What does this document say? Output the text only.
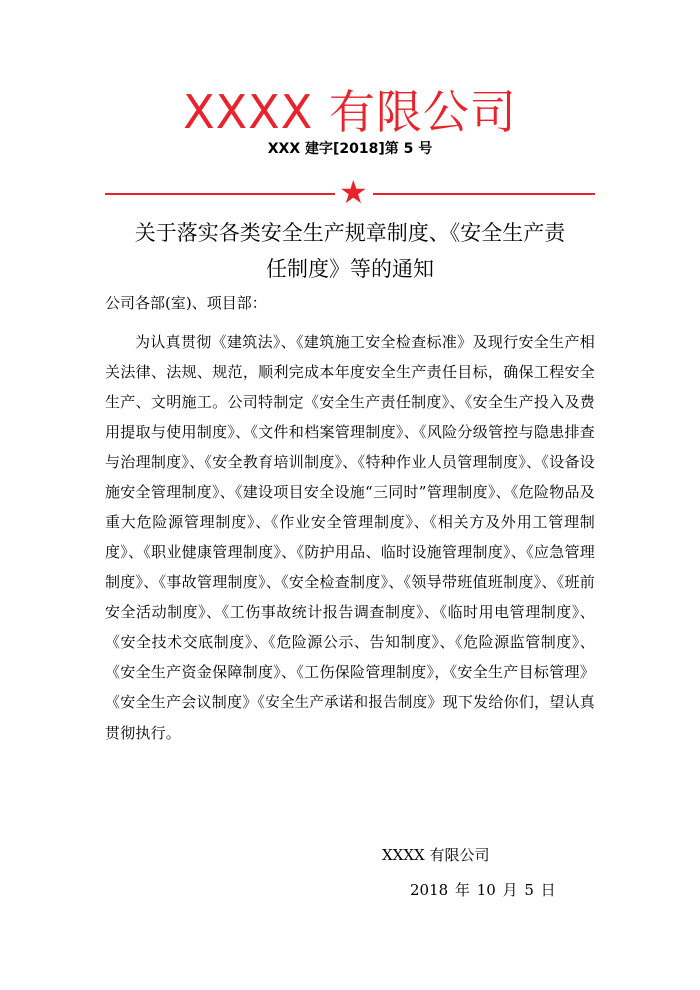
XXXX 有限公司
XXX 建字[2018]第 5 号
★
关于落实各类安全生产规章制度、《安全生产责
任制度》等的通知
公司各部(室)、项目部：
为认真贯彻《建筑法》、《建筑施工安全检查标准》及现行安全生产相关法律、法规、规范，顺利完成本年度安全生产责任目标，确保工程安全生产、文明施工。公司特制定《安全生产责任制度》、《安全生产投入及费用提取与使用制度》、《文件和档案管理制度》、《风险分级管控与隐患排查与治理制度》、《安全教育培训制度》、《特种作业人员管理制度》、《设备设施安全管理制度》、《建设项目安全设施“三同时”管理制度》、《危险物品及重大危险源管理制度》、《作业安全管理制度》、《相关方及外用工管理制度》、《职业健康管理制度》、《防护用品、临时设施管理制度》、《应急管理制度》、《事故管理制度》、《安全检查制度》、《领导带班值班制度》、《班前安全活动制度》、《工伤事故统计报告调查制度》、《临时用电管理制度》、《安全技术交底制度》、《危险源公示、告知制度》、《危险源监管制度》、《安全生产资金保障制度》、《工伤保险管理制度》，《安全生产目标管理》《安全生产会议制度》《安全生产承诺和报告制度》现下发给你们，望认真贯彻执行。
XXXX 有限公司
2018 年 10 月 5 日
